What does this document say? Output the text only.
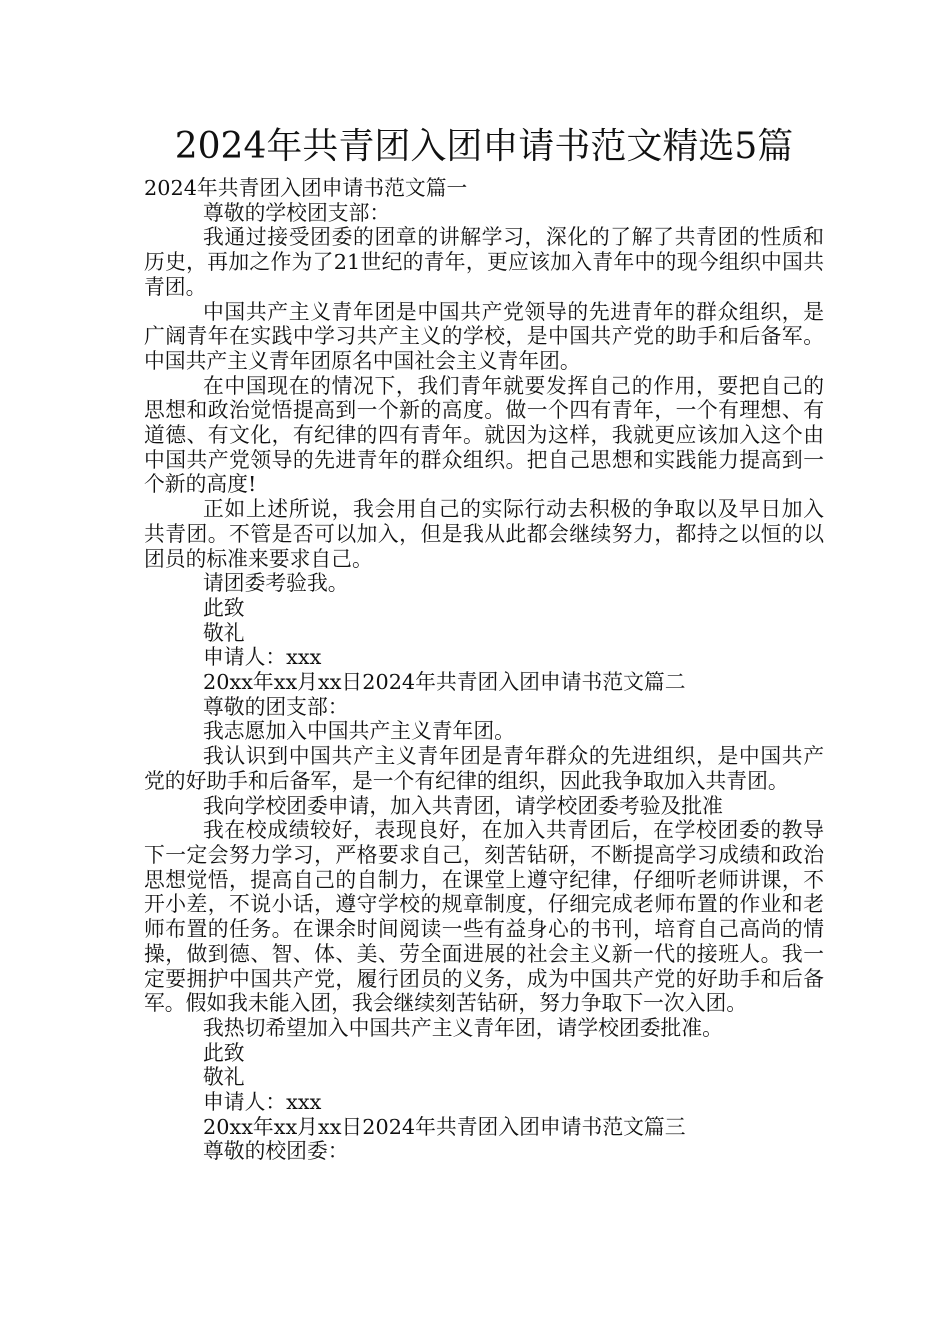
2024年共青团入团申请书范文精选5篇

2024年共青团入团申请书范文篇一

尊敬的学校团支部：

我通过接受团委的团章的讲解学习，深化的了解了共青团的性质和历史，再加之作为了21世纪的青年，更应该加入青年中的现今组织中国共青团。

中国共产主义青年团是中国共产党领导的先进青年的群众组织，是广阔青年在实践中学习共产主义的学校，是中国共产党的助手和后备军。中国共产主义青年团原名中国社会主义青年团。

在中国现在的情况下，我们青年就要发挥自己的作用，要把自己的思想和政治觉悟提高到一个新的高度。做一个四有青年，一个有理想、有道德、有文化，有纪律的四有青年。就因为这样，我就更应该加入这个由中国共产党领导的先进青年的群众组织。把自己思想和实践能力提高到一个新的高度!

正如上述所说，我会用自己的实际行动去积极的争取以及早日加入共青团。不管是否可以加入，但是我从此都会继续努力，都持之以恒的以团员的标准来要求自己。

请团委考验我。

此致

敬礼

申请人：xxx

20xx年xx月xx日2024年共青团入团申请书范文篇二

尊敬的团支部：

我志愿加入中国共产主义青年团。

我认识到中国共产主义青年团是青年群众的先进组织，是中国共产党的好助手和后备军，是一个有纪律的组织，因此我争取加入共青团。

我向学校团委申请，加入共青团，请学校团委考验及批准

我在校成绩较好，表现良好，在加入共青团后，在学校团委的教导下一定会努力学习，严格要求自己，刻苦钻研，不断提高学习成绩和政治思想觉悟，提高自己的自制力，在课堂上遵守纪律，仔细听老师讲课，不开小差，不说小话，遵守学校的规章制度，仔细完成老师布置的作业和老师布置的任务。在课余时间阅读一些有益身心的书刊，培育自己高尚的情操，做到德、智、体、美、劳全面进展的社会主义新一代的接班人。我一定要拥护中国共产党，履行团员的义务，成为中国共产党的好助手和后备军。假如我未能入团，我会继续刻苦钻研，努力争取下一次入团。

我热切希望加入中国共产主义青年团，请学校团委批准。

此致

敬礼

申请人：xxx

20xx年xx月xx日2024年共青团入团申请书范文篇三

尊敬的校团委：
